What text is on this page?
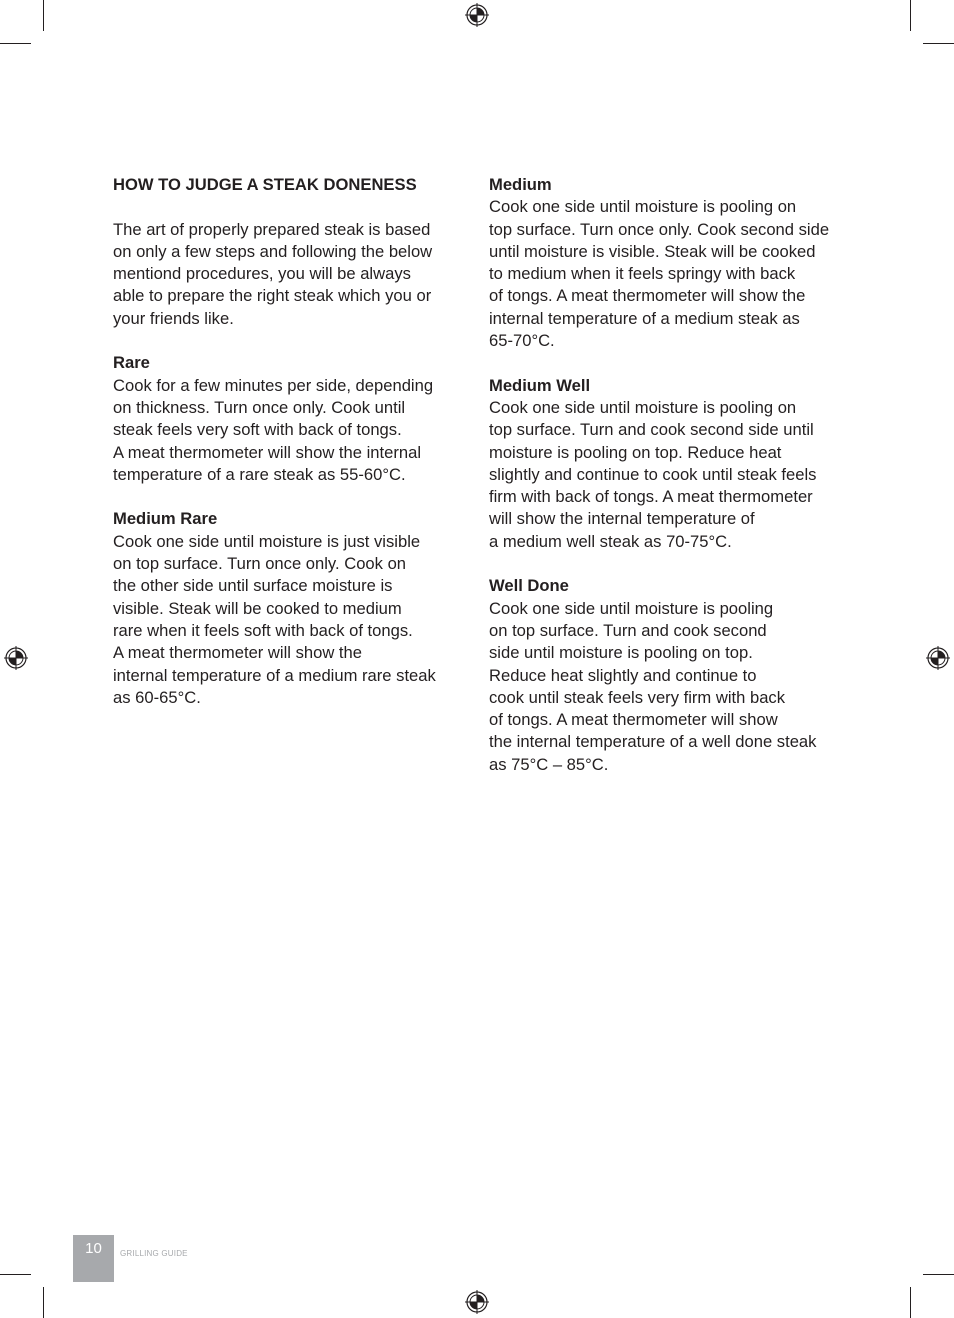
HOW TO JUDGE A STEAK DONENESS
The art of properly prepared steak is based
on only a few steps and following the below
mentiond procedures, you will be always
able to prepare the right steak which you or
your friends like.
Rare
Cook for a few minutes per side, depending
on thickness. Turn once only. Cook until
steak feels very soft with back of tongs.
A meat thermometer will show the internal
temperature of a rare steak as 55-60°C.
Medium Rare
Cook one side until moisture is just visible
on top surface. Turn once only. Cook on
the other side until surface moisture is
visible. Steak will be cooked to medium
rare when it feels soft with back of tongs.
A meat thermometer will show the
internal temperature of a medium rare steak
as 60-65°C.
Medium
Cook one side until moisture is pooling on
top surface. Turn once only. Cook second side
until moisture is visible. Steak will be cooked
to medium when it feels springy with back
of tongs. A meat thermometer will show the
internal temperature of a medium steak as
65-70°C.
Medium Well
Cook one side until moisture is pooling on
top surface. Turn and cook second side until
moisture is pooling on top. Reduce heat
slightly and continue to cook until steak feels
firm with back of tongs. A meat thermometer
will show the internal temperature of
a medium well steak as 70-75°C.
Well Done
Cook one side until moisture is pooling
on top surface. Turn and cook second
side until moisture is pooling on top.
Reduce heat slightly and continue to
cook until steak feels very firm with back
of tongs. A meat thermometer will show
the internal temperature of a well done steak
as 75°C – 85°C.
10	GRILLING GUIDE
